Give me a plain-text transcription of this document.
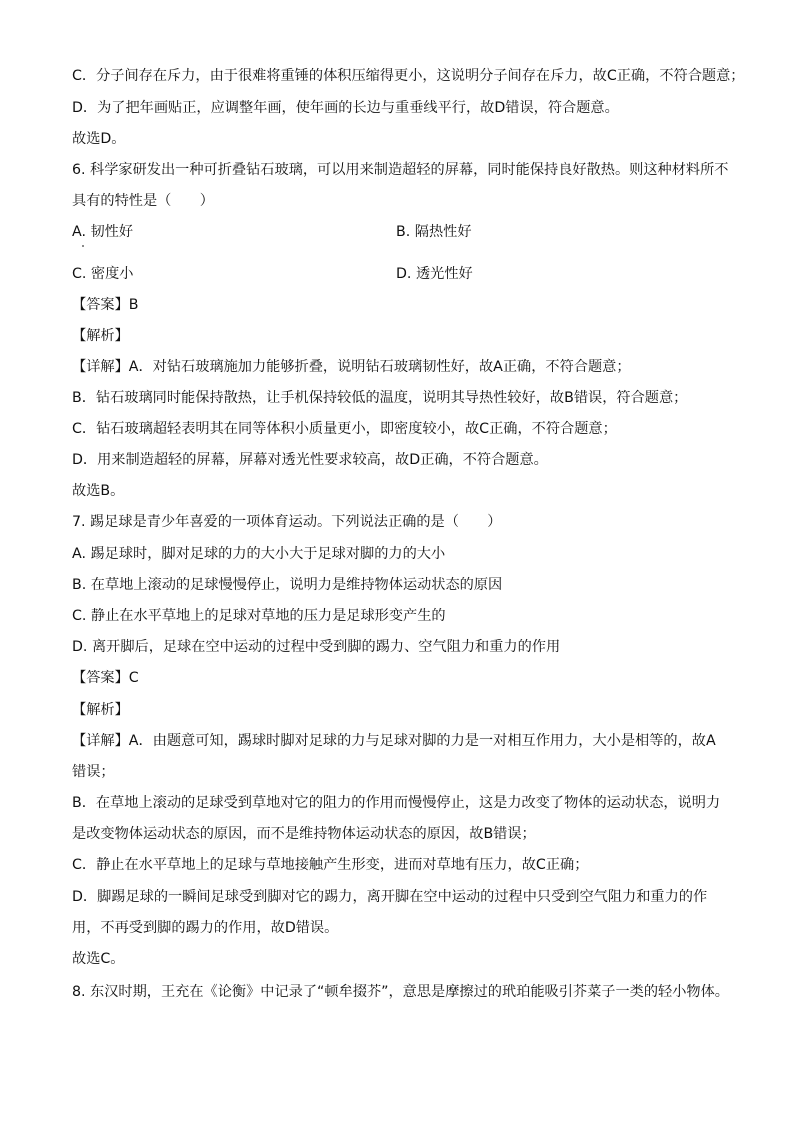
C．分子间存在斥力，由于很难将重锤的体积压缩得更小，这说明分子间存在斥力，故C正确，不符合题意；
D．为了把年画贴正，应调整年画，使年画的长边与重垂线平行，故D错误，符合题意。
故选D。
6. 科学家研发出一种可折叠钻石玻璃，可以用来制造超轻的屏幕，同时能保持良好散热。则这种材料所不
具有的特性是（　　）
A. 韧性好	B. 隔热性好
C. 密度小	D. 透光性好
【答案】B
【解析】
【详解】A．对钻石玻璃施加力能够折叠，说明钻石玻璃韧性好，故A正确，不符合题意；
B．钻石玻璃同时能保持散热，让手机保持较低的温度，说明其导热性较好，故B错误，符合题意；
C．钻石玻璃超轻表明其在同等体积小质量更小，即密度较小，故C正确，不符合题意；
D．用来制造超轻的屏幕，屏幕对透光性要求较高，故D正确，不符合题意。
故选B。
7. 踢足球是青少年喜爱的一项体育运动。下列说法正确的是（　　）
A. 踢足球时，脚对足球的力的大小大于足球对脚的力的大小
B. 在草地上滚动的足球慢慢停止，说明力是维持物体运动状态的原因
C. 静止在水平草地上的足球对草地的压力是足球形变产生的
D. 离开脚后，足球在空中运动的过程中受到脚的踢力、空气阻力和重力的作用
【答案】C
【解析】
【详解】A．由题意可知，踢球时脚对足球的力与足球对脚的力是一对相互作用力，大小是相等的，故A
错误；
B．在草地上滚动的足球受到草地对它的阻力的作用而慢慢停止，这是力改变了物体的运动状态，说明力
是改变物体运动状态的原因，而不是维持物体运动状态的原因，故B错误；
C．静止在水平草地上的足球与草地接触产生形变，进而对草地有压力，故C正确；
D．脚踢足球的一瞬间足球受到脚对它的踢力，离开脚在空中运动的过程中只受到空气阻力和重力的作
用，不再受到脚的踢力的作用，故D错误。
故选C。
8. 东汉时期，王充在《论衡》中记录了“顿牟掇芥”，意思是摩擦过的玳珀能吸引芥菜子一类的轻小物体。
